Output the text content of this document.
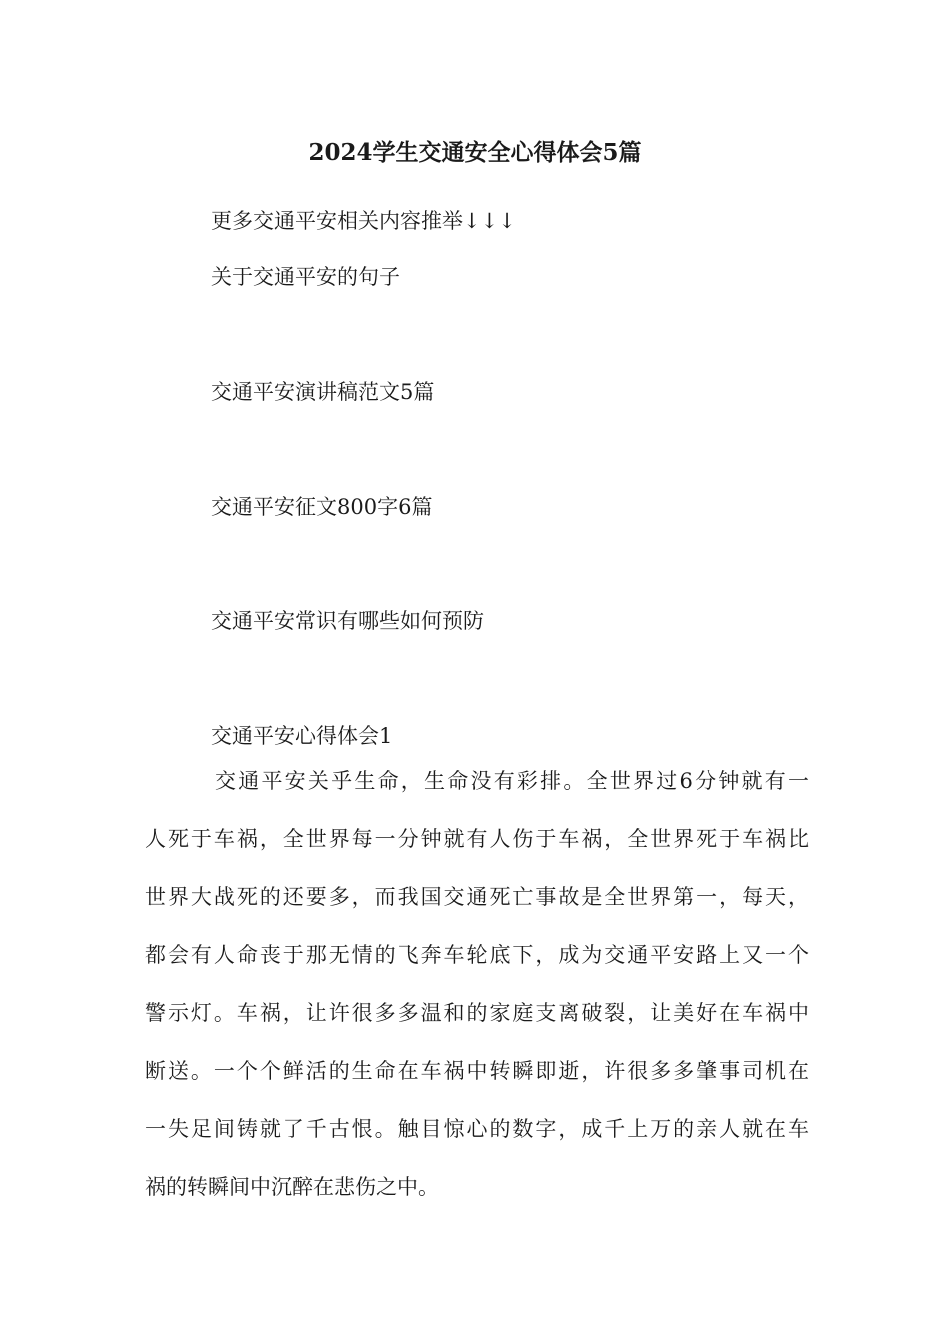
2024学生交通安全心得体会5篇
更多交通平安相关内容推举↓↓↓
关于交通平安的句子
交通平安演讲稿范文5篇
交通平安征文800字6篇
交通平安常识有哪些如何预防
交通平安心得体会1
交通平安关乎生命，生命没有彩排。全世界过6分钟就有一
人死于车祸，全世界每一分钟就有人伤于车祸，全世界死于车祸比
世界大战死的还要多，而我国交通死亡事故是全世界第一，每天，
都会有人命丧于那无情的飞奔车轮底下，成为交通平安路上又一个
警示灯。车祸，让许很多多温和的家庭支离破裂，让美好在车祸中
断送。一个个鲜活的生命在车祸中转瞬即逝，许很多多肇事司机在
一失足间铸就了千古恨。触目惊心的数字，成千上万的亲人就在车
祸的转瞬间中沉醉在悲伤之中。
